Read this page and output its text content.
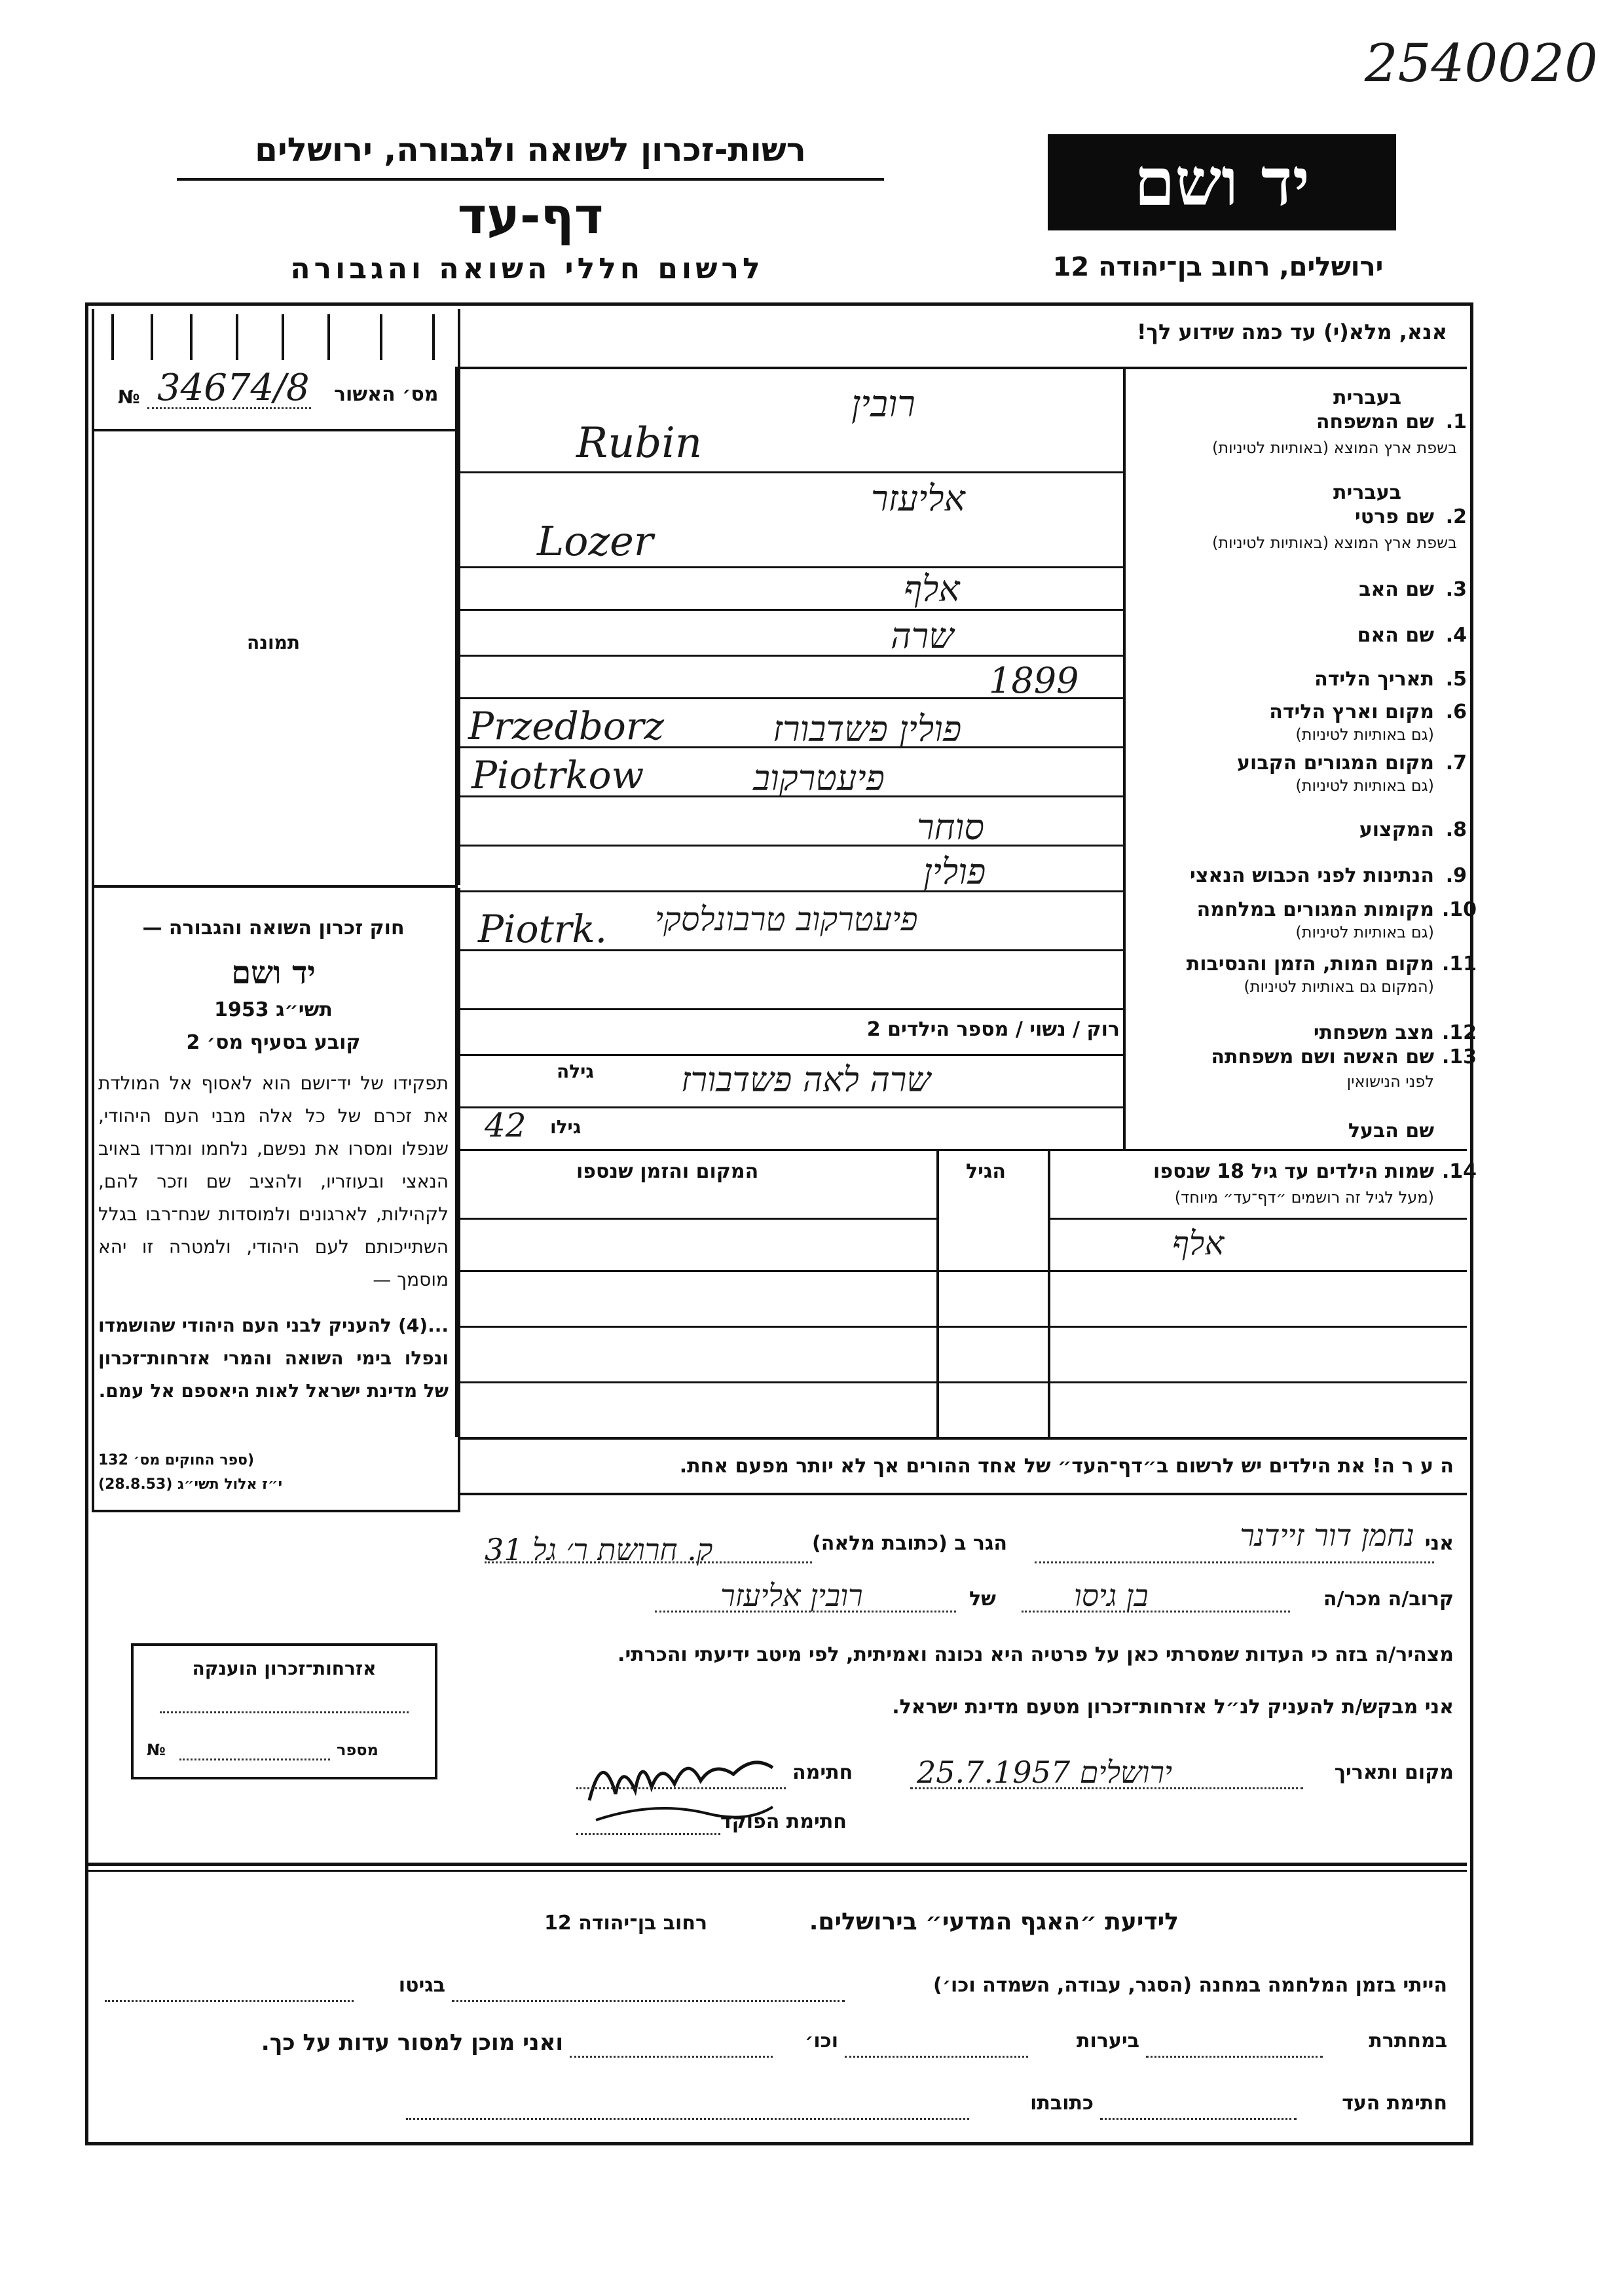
2540020
רשות-זכרון לשואה ולגבורה, ירושלים
דף-עד
לרשום חללי השואה והגבורה
יד ושם
ירושלים, רחוב בן־יהודה 12
אנא, מלא(י) עד כמה שידוע לך!
№ 34674/8 מס׳ האשור
תמונה
חוק זכרון השואה והגבורה —
יד ושם
תשי״ג 1953
קובע בסעיף מס׳ 2
תפקידו של יד־ושם הוא לאסוף אל המולדת את זכרם של כל אלה מבני העם היהודי, שנפלו ומסרו את נפשם, נלחמו ומרדו באויב הנאצי ובעוזריו, ולהציב שם וזכר להם, לקהילות, לארגונים ולמוסדות שנח־רבו בגלל השתייכותם לעם היהודי, ולמטרה זו יהא מוסמך —
...(4) להעניק לבני העם היהודי שהושמדו ונפלו בימי השואה והמרי אזרחות־זכרון של מדינת ישראל לאות היאספם אל עמם.
(ספר החוקים מס׳ 132
י״ז אלול תשי״ג (28.8.53)
בעברית
1.
שם המשפחה
בשפת ארץ המוצא (באותיות לטיניות)
בעברית
2.
שם פרטי
בשפת ארץ המוצא (באותיות לטיניות)
3.
שם האב
4.
שם האם
5.
תאריך הלידה
6.
מקום וארץ הלידה
(גם באותיות לטיניות)
7.
מקום המגורים הקבוע
(גם באותיות לטיניות)
8.
המקצוע
9.
הנתינות לפני הכבוש הנאצי
10.
מקומות המגורים במלחמה
(גם באותיות לטיניות)
11.
מקום המות, הזמן והנסיבות
(המקום גם באותיות לטיניות)
12.
מצב משפחתי
13.
שם האשה ושם משפחתה
לפני הנישואין
שם הבעל
רובין
Rubin
אליעזר
Lozer
אלף
שרה
1899
פולין פשדבורז
Przedborz
פיעטרקוב
Piotrkow
סוחר
פולין
פיעטרקוב טרבונלסקי
Piotrk.
רוק / נשוי / מספר הילדים 2
גילה	שרה לאה פשדבורז
גילו
42
14.
שמות הילדים עד גיל 18 שנספו
(מעל לגיל זה רושמים ״דף־עד״ מיוחד)
הגיל
המקום והזמן שנספו
אלף
ה ע ר ה! את הילדים יש לרשום ב״דף־העד״ של אחד ההורים אך לא יותר מפעם אחת.
אני
נחמן דור זיידנר
הגר ב (כתובת מלאה)
ק. חרושת ר׳ גל 31
קרוב/ה מכר/ה
בן גיסו
של
רובין אליעזר
מצהיר/ה בזה כי העדות שמסרתי כאן על פרטיה היא נכונה ואמיתית, לפי מיטב ידיעתי והכרתי.
אני מבקש/ת להעניק לנ״ל אזרחות־זכרון מטעם מדינת ישראל.
מקום ותאריך
ירושלים 25.7.1957
חתימה
חתימת הפוקד
אזרחות־זכרון הוענקה
№	מספר
לידיעת ״האגף המדעי״ בירושלים.
רחוב בן־יהודה 12
הייתי בזמן המלחמה במחנה (הסגר, עבודה, השמדה וכו׳)
בגיטו
במחתרת
ביערות
וכו׳
ואני מוכן למסור עדות על כך.
חתימת העד
כתובתו
